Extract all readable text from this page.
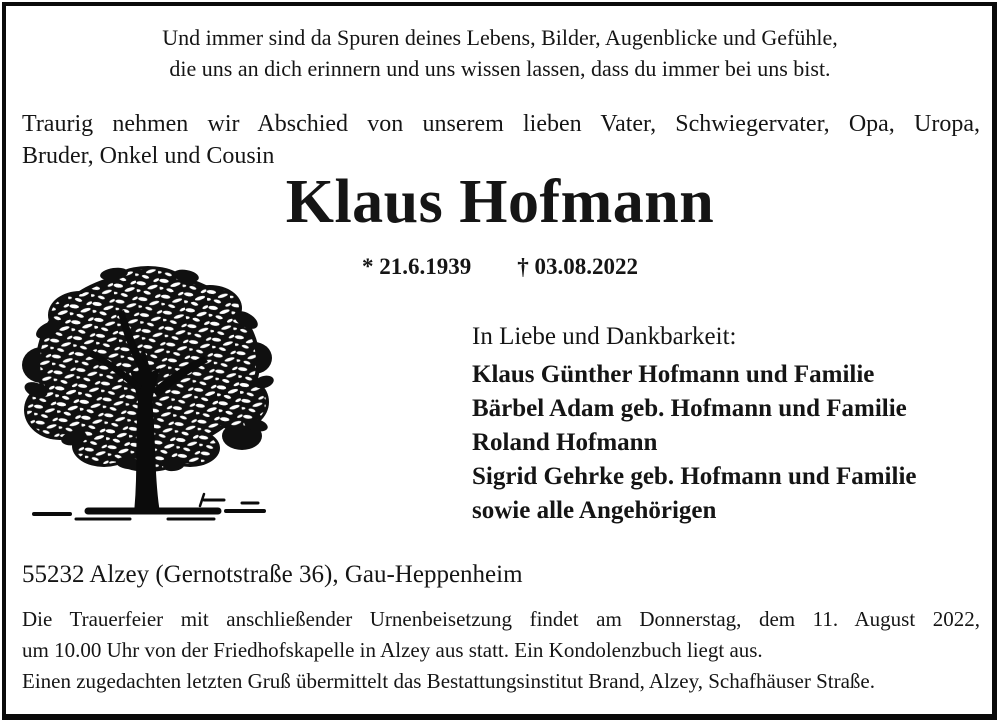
Und immer sind da Spuren deines Lebens, Bilder, Augenblicke und Gefühle,
die uns an dich erinnern und uns wissen lassen, dass du immer bei uns bist.
Traurig nehmen wir Abschied von unserem lieben Vater, Schwiegervater, Opa, Uropa,
Bruder, Onkel und Cousin
Klaus Hofmann
* 21.6.1939 † 03.08.2022
In Liebe und Dankbarkeit:
Klaus Günther Hofmann und Familie
Bärbel Adam geb. Hofmann und Familie
Roland Hofmann
Sigrid Gehrke geb. Hofmann und Familie
sowie alle Angehörigen
55232 Alzey (Gernotstraße 36), Gau-Heppenheim
Die Trauerfeier mit anschließender Urnenbeisetzung findet am Donnerstag, dem 11. August 2022,
um 10.00 Uhr von der Friedhofskapelle in Alzey aus statt. Ein Kondolenzbuch liegt aus.
Einen zugedachten letzten Gruß übermittelt das Bestattungsinstitut Brand, Alzey, Schafhäuser Straße.
